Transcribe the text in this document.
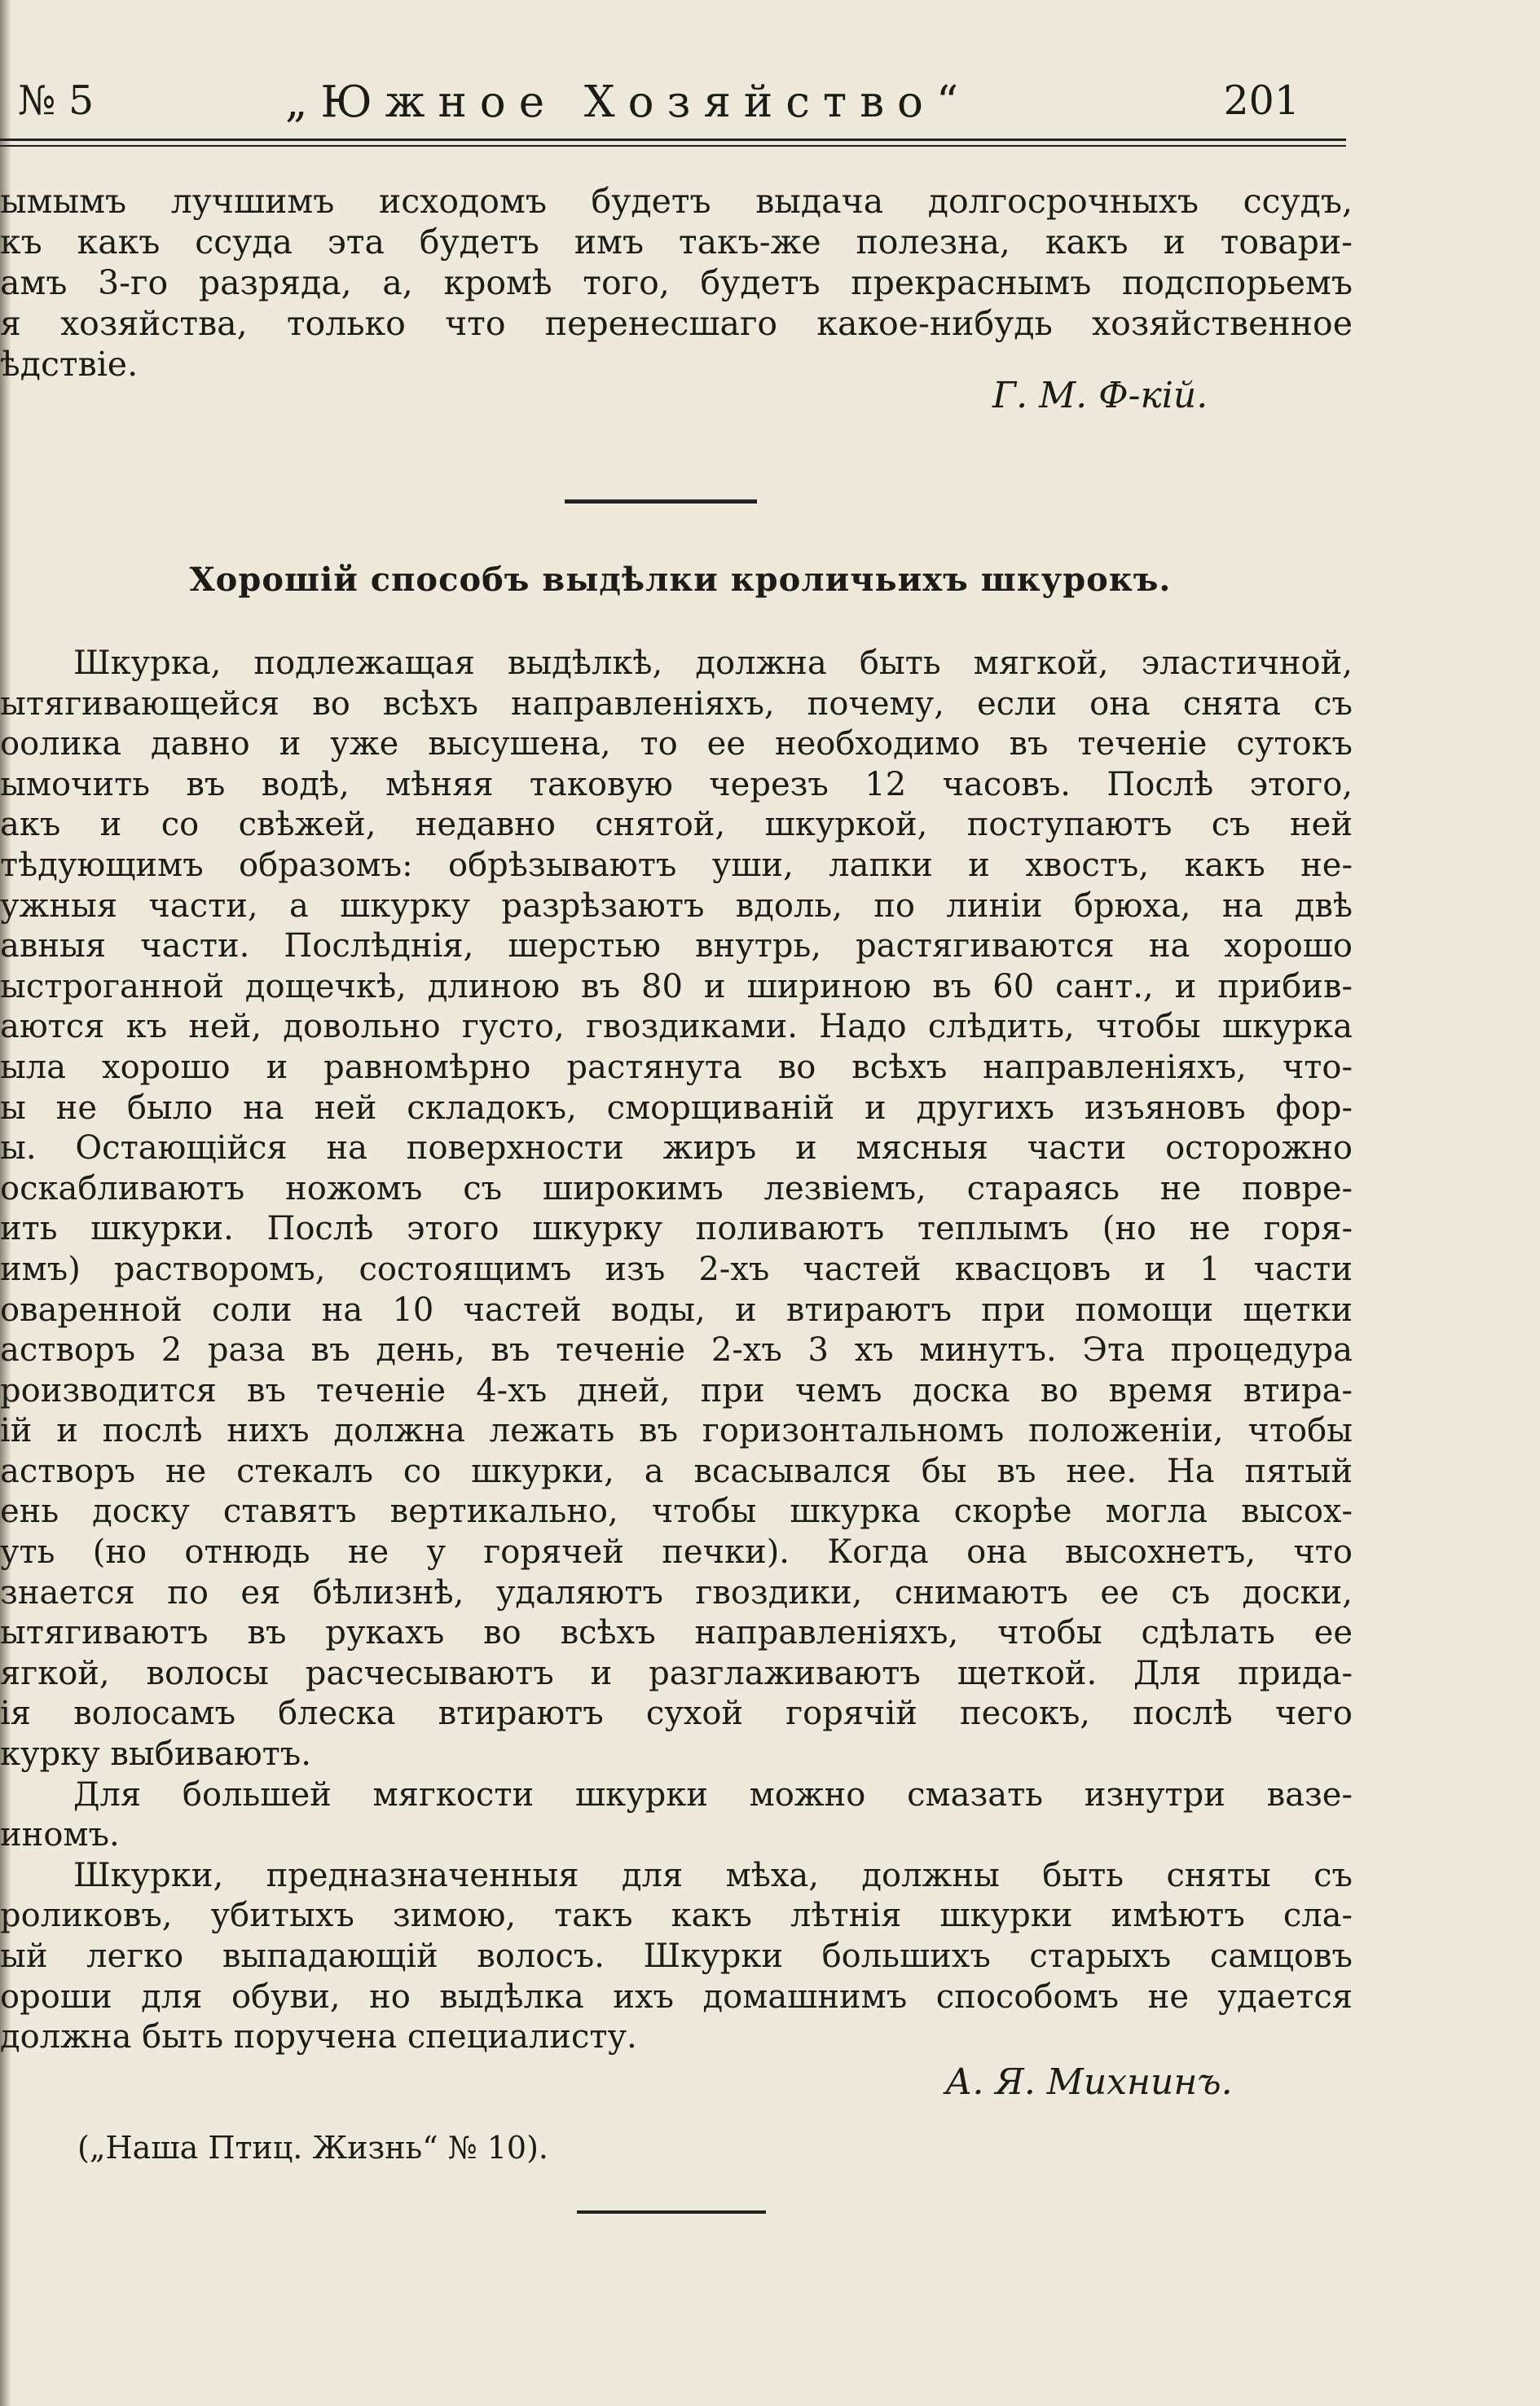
№ 5	„Южное Хозяйство“	201
ымымъ лучшимъ исходомъ будетъ выдача долгосрочныхъ ссудъ,
къ какъ ссуда эта будетъ имъ такъ-же полезна, какъ и товари-
амъ 3-го разряда, а, кромѣ того, будетъ прекраснымъ подспорьемъ
я хозяйства, только что перенесшаго какое-нибудь хозяйственное
ѣдствіе.
Г. М. Ф-кій.
Хорошій способъ выдѣлки кроличьихъ шкурокъ.
Шкурка, подлежащая выдѣлкѣ, должна быть мягкой, эластичной,
ытягивающейся во всѣхъ направленіяхъ, почему, если она снята съ
оолика давно и уже высушена, то ее необходимо въ теченіе сутокъ
ымочить въ водѣ, мѣняя таковую черезъ 12 часовъ. Послѣ этого,
акъ и со свѣжей, недавно снятой, шкуркой, поступаютъ съ ней
тѣдующимъ образомъ: обрѣзываютъ уши, лапки и хвостъ, какъ не-
ужныя части, а шкурку разрѣзаютъ вдоль, по линіи брюха, на двѣ
авныя части. Послѣднія, шерстью внутрь, растягиваются на хорошо
ыстроганной дощечкѣ, длиною въ 80 и шириною въ 60 сант., и прибив-
аются къ ней, довольно густо, гвоздиками. Надо слѣдить, чтобы шкурка
ыла хорошо и равномѣрно растянута во всѣхъ направленіяхъ, что-
ы не было на ней складокъ, сморщиваній и другихъ изъяновъ фор-
ы. Остающійся на поверхности жиръ и мясныя части осторожно
оскабливаютъ ножомъ съ широкимъ лезвіемъ, стараясь не повре-
ить шкурки. Послѣ этого шкурку поливаютъ теплымъ (но не горя-
имъ) растворомъ, состоящимъ изъ 2-хъ частей квасцовъ и 1 части
оваренной соли на 10 частей воды, и втираютъ при помощи щетки
астворъ 2 раза въ день, въ теченіе 2-хъ 3 хъ минутъ. Эта процедура
роизводится въ теченіе 4-хъ дней, при чемъ доска во время втира-
ій и послѣ нихъ должна лежать въ горизонтальномъ положеніи, чтобы
астворъ не стекалъ со шкурки, а всасывался бы въ нее. На пятый
ень доску ставятъ вертикально, чтобы шкурка скорѣе могла высох-
уть (но отнюдь не у горячей печки). Когда она высохнетъ, что
знается по ея бѣлизнѣ, удаляютъ гвоздики, снимаютъ ее съ доски,
ытягиваютъ въ рукахъ во всѣхъ направленіяхъ, чтобы сдѣлать ее
ягкой, волосы расчесываютъ и разглаживаютъ щеткой. Для прида-
ія волосамъ блеска втираютъ сухой горячій песокъ, послѣ чего
курку выбиваютъ.
Для большей мягкости шкурки можно смазать изнутри вазе-
иномъ.
Шкурки, предназначенныя для мѣха, должны быть сняты съ
роликовъ, убитыхъ зимою, такъ какъ лѣтнія шкурки имѣютъ сла-
ый легко выпадающій волосъ. Шкурки большихъ старыхъ самцовъ
ороши для обуви, но выдѣлка ихъ домашнимъ способомъ не удается
должна быть поручена специалисту.
А. Я. Михнинъ.
(„Наша Птиц. Жизнь“ № 10).
